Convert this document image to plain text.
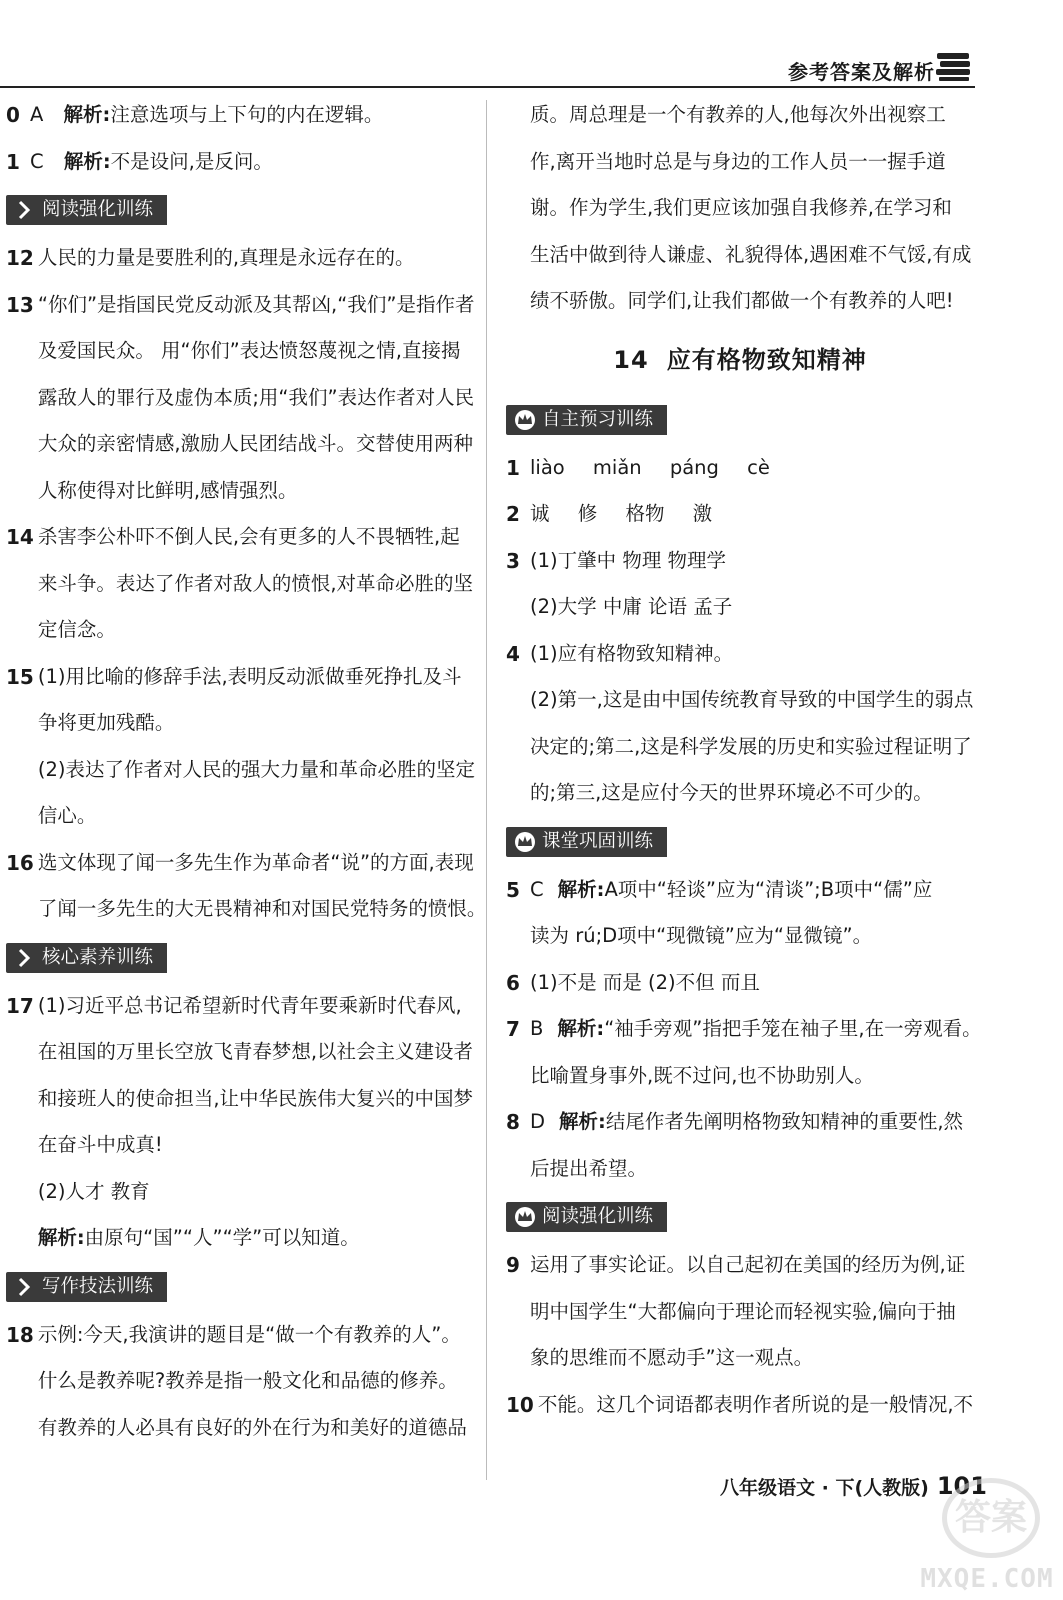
参考答案及解析
0 A 解析:注意选项与上下句的内在逻辑。
1 C 解析:不是设问,是反问。
阅读强化训练
12 人民的力量是要胜利的,真理是永远存在的。
13 “你们”是指国民党反动派及其帮凶,“我们”是指作者
及爱国民众。 用“你们”表达愤怒蔑视之情,直接揭
露敌人的罪行及虚伪本质;用“我们”表达作者对人民
大众的亲密情感,激励人民团结战斗。交替使用两种
人称使得对比鲜明,感情强烈。
14 杀害李公朴吓不倒人民,会有更多的人不畏牺牲,起
来斗争。表达了作者对敌人的愤恨,对革命必胜的坚
定信念。
15 (1)用比喻的修辞手法,表明反动派做垂死挣扎及斗
争将更加残酷。
(2)表达了作者对人民的强大力量和革命必胜的坚定
信心。
16 选文体现了闻一多先生作为革命者“说”的方面,表现
了闻一多先生的大无畏精神和对国民党特务的愤恨。
核心素养训练
17 (1)习近平总书记希望新时代青年要乘新时代春风,
在祖国的万里长空放飞青春梦想,以社会主义建设者
和接班人的使命担当,让中华民族伟大复兴的中国梦
在奋斗中成真!
(2)人才 教育
解析:由原句“国”“人”“学”可以知道。
写作技法训练
18 示例:今天,我演讲的题目是“做一个有教养的人”。
什么是教养呢?教养是指一般文化和品德的修养。
有教养的人必具有良好的外在行为和美好的道德品
质。周总理是一个有教养的人,他每次外出视察工
作,离开当地时总是与身边的工作人员一一握手道
谢。作为学生,我们更应该加强自我修养,在学习和
生活中做到待人谦虚、礼貌得体,遇困难不气馁,有成
绩不骄傲。同学们,让我们都做一个有教养的人吧!
14 应有格物致知精神
自主预习训练
1 liào miǎn páng cè
2 诚 修 格物 激
3 (1)丁肇中 物理 物理学
(2)大学 中庸 论语 孟子
4 (1)应有格物致知精神。
(2)第一,这是由中国传统教育导致的中国学生的弱点
决定的;第二,这是科学发展的历史和实验过程证明了
的;第三,这是应付今天的世界环境必不可少的。
课堂巩固训练
5 C 解析:A项中“轻谈”应为“清谈”;B项中“儒”应
读为 rú;D项中“现微镜”应为“显微镜”。
6 (1)不是 而是 (2)不但 而且
7 B 解析:“袖手旁观”指把手笼在袖子里,在一旁观看。
比喻置身事外,既不过问,也不协助别人。
8 D 解析:结尾作者先阐明格物致知精神的重要性,然
后提出希望。
阅读强化训练
9 运用了事实论证。以自己起初在美国的经历为例,证
明中国学生“大都偏向于理论而轻视实验,偏向于抽
象的思维而不愿动手”这一观点。
10 不能。这几个词语都表明作者所说的是一般情况,不
八年级语文 · 下(人教版) 101
答案
MXQE.COM
